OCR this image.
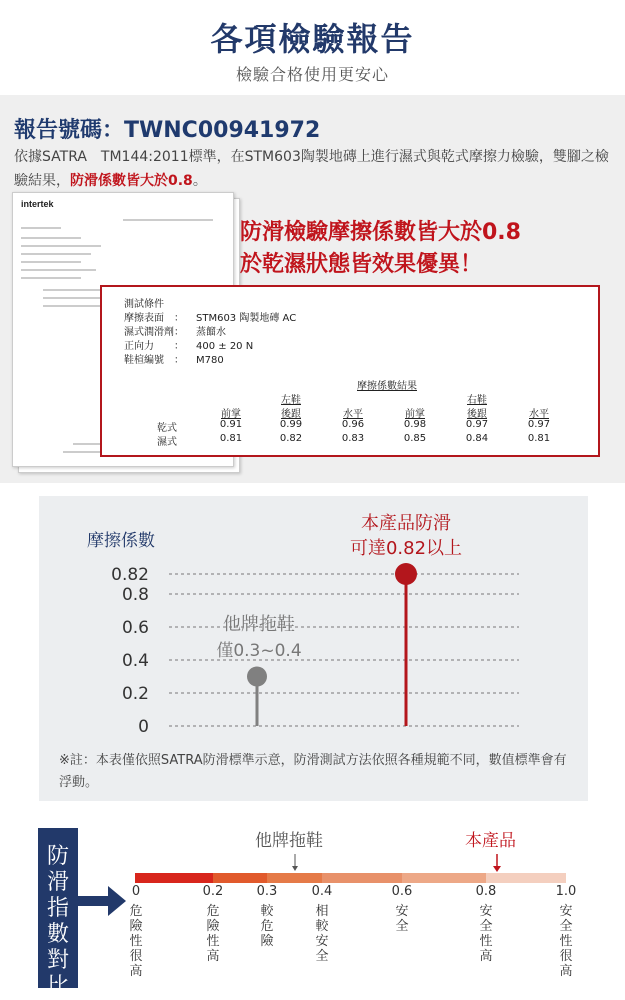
各項檢驗報告
檢驗合格使用更安心
報告號碼：TWNC00941972
依據SATRA　TM144:2011標準，在STM603陶製地磚上進行濕式與乾式摩擦力檢驗，雙腳之檢驗結果，防滑係數皆大於0.8。
intertek
防滑檢驗摩擦係數皆大於0.8
於乾濕狀態皆效果優異！
測試條件
摩擦表面　： STM603 陶製地磚 AC
濕式潤滑劑： 蒸餾水
正向力　　： 400 ± 20 N
鞋楦編號　： M780
摩擦係數結果
左鞋	右鞋
前掌	後跟	水平	前掌	後跟	水平
乾式	0.91	0.99	0.96	0.98	0.97	0.97
濕式	0.81	0.82	0.83	0.85	0.84	0.81
摩擦係數
0.82
0.8
0.6
0.4
0.2
0
他牌拖鞋
僅0.3~0.4
本產品防滑
可達0.82以上
※註：本表僅依照SATRA防滑標準示意，防滑測試方法依照各種規範不同，數值標準會有浮動。
防滑指數對比
他牌拖鞋	本產品
0	0.2	0.3	0.4	0.6	0.8	1.0
危險性很高
危險性高
較危險
相較安全
安全
安全性高
安全性很高
